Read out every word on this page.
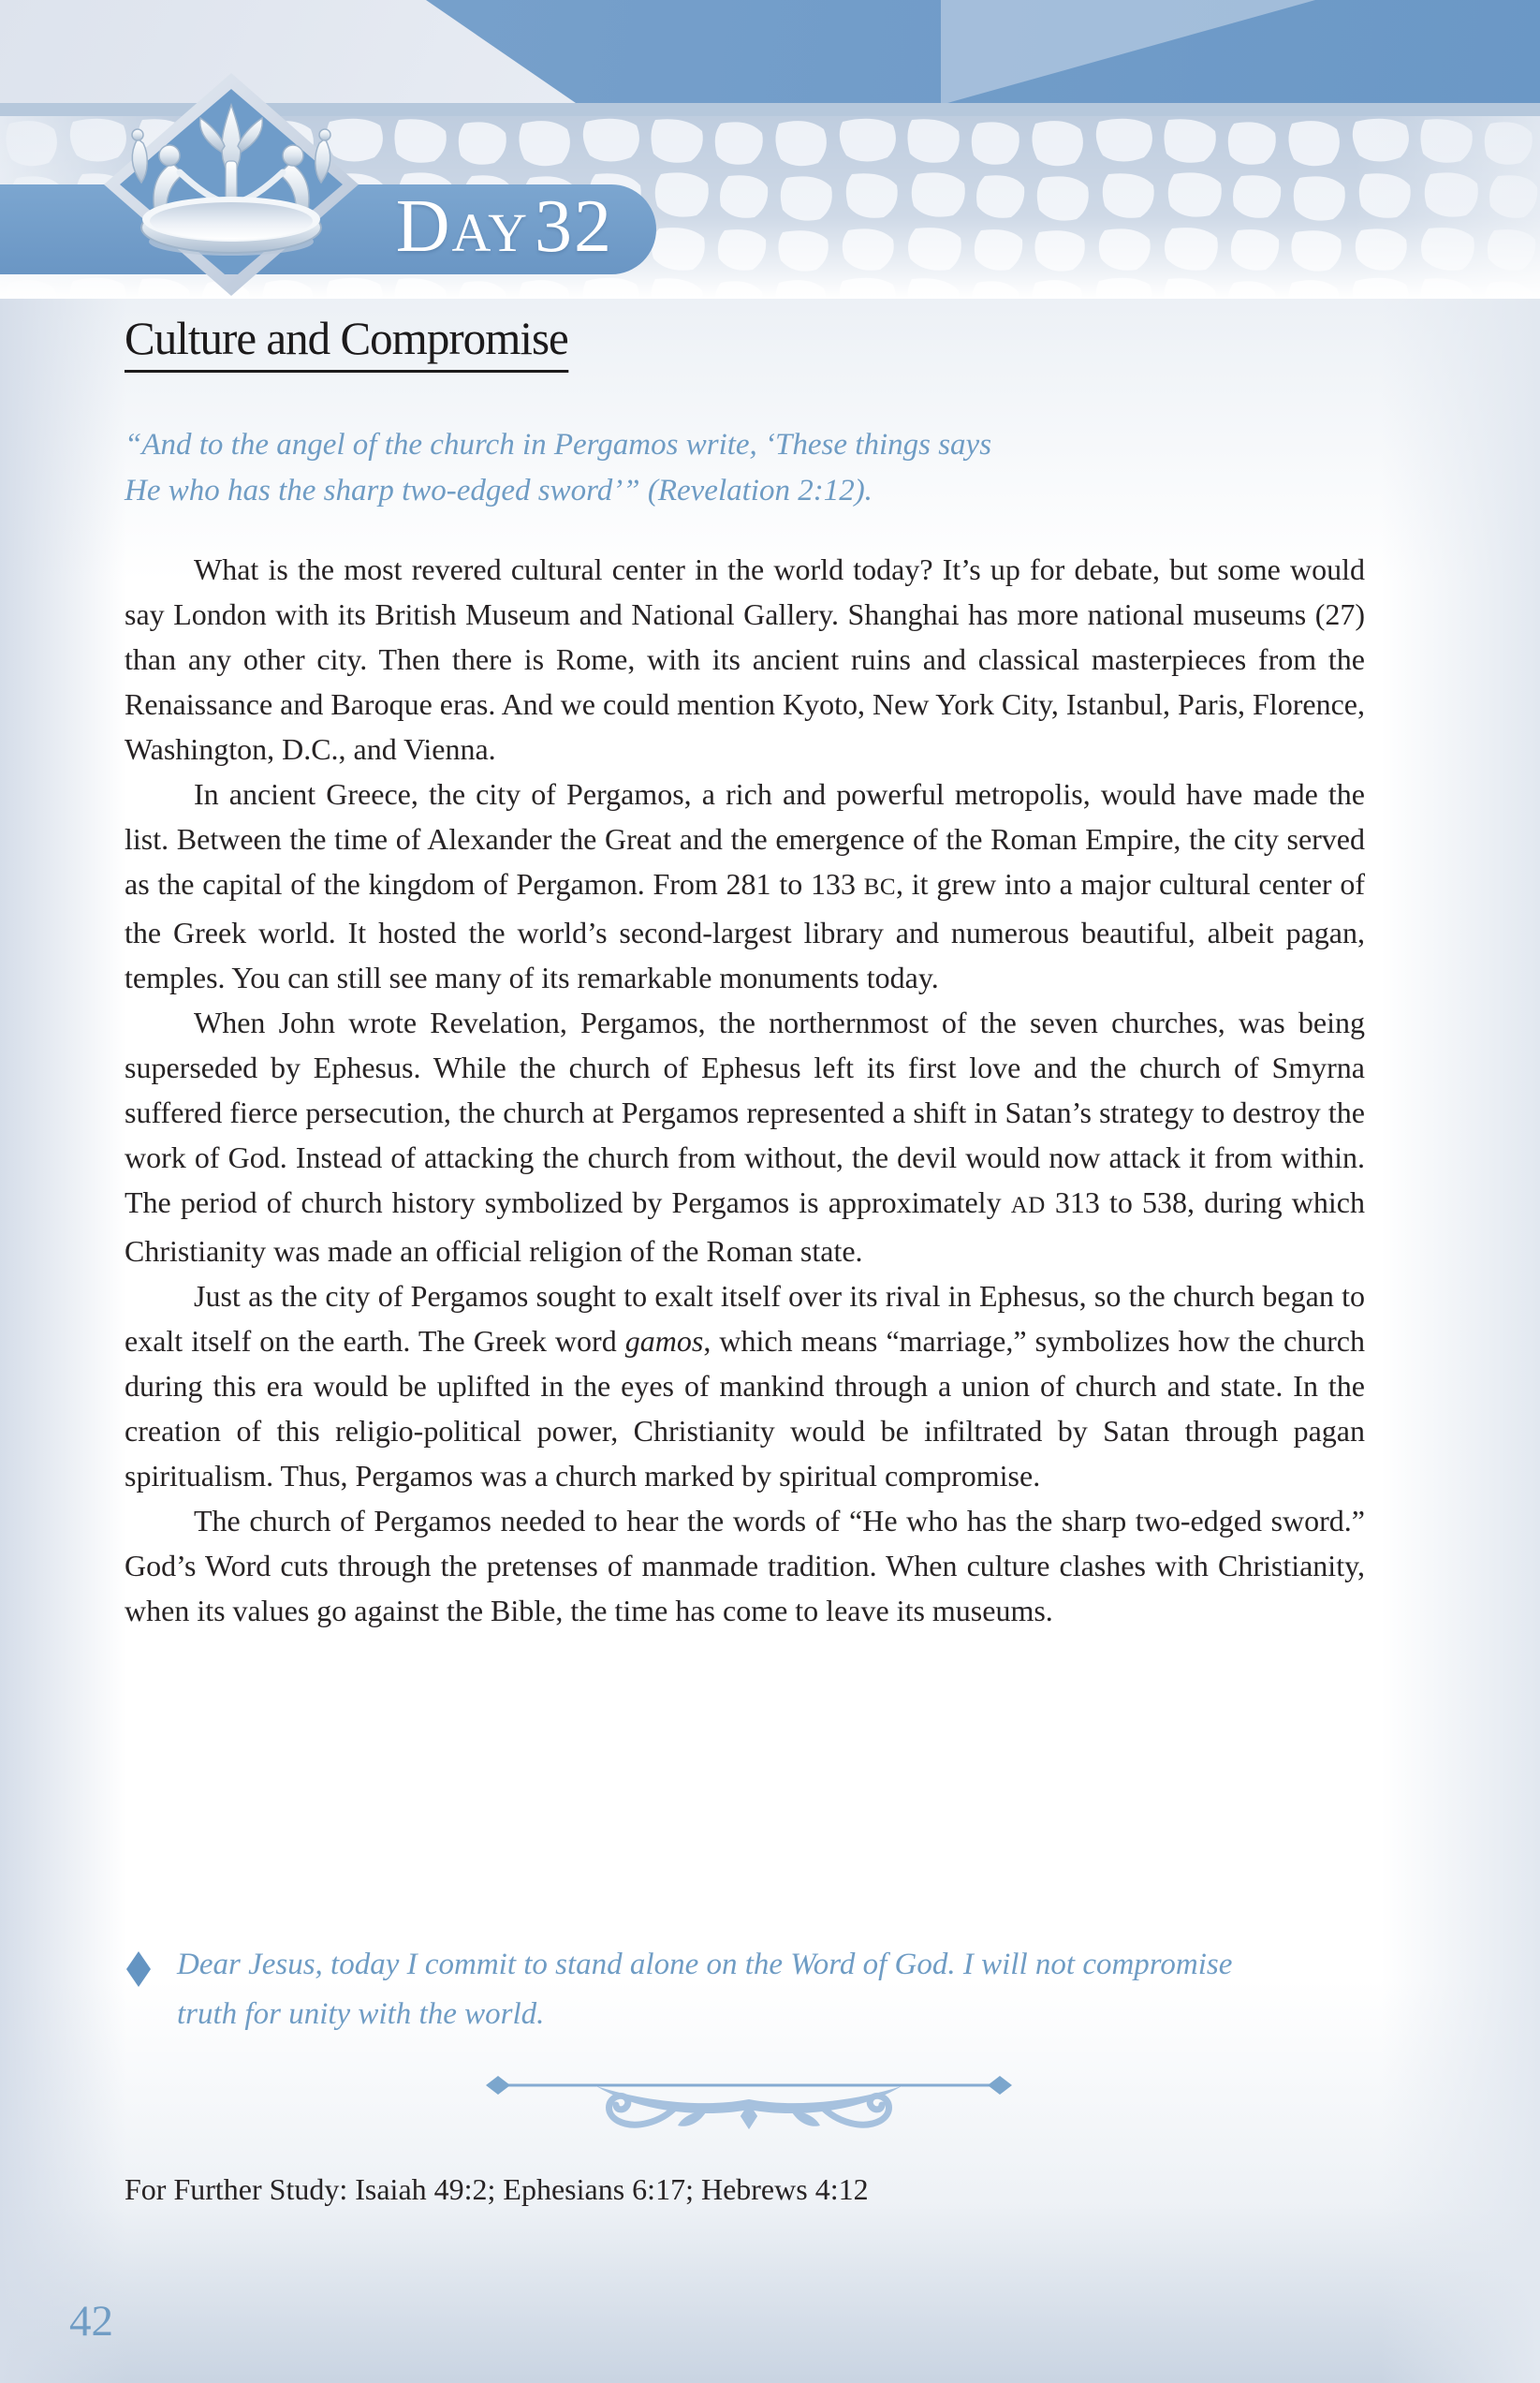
DAY 32
Culture and Compromise
“And to the angel of the church in Pergamos write, ‘These things says He who has the sharp two-edged sword’” (Revelation 2:12).

What is the most revered cultural center in the world today? It’s up for debate, but some would say London with its British Museum and National Gallery. Shanghai has more national museums (27) than any other city. Then there is Rome, with its ancient ruins and classical masterpieces from the Renaissance and Baroque eras. And we could mention Kyoto, New York City, Istanbul, Paris, Florence, Washington, D.C., and Vienna.

In ancient Greece, the city of Pergamos, a rich and powerful metropolis, would have made the list. Between the time of Alexander the Great and the emergence of the Roman Empire, the city served as the capital of the kingdom of Pergamon. From 281 to 133 BC, it grew into a major cultural center of the Greek world. It hosted the world’s second-largest library and numerous beautiful, albeit pagan, temples. You can still see many of its remarkable monuments today.

When John wrote Revelation, Pergamos, the northernmost of the seven churches, was being superseded by Ephesus. While the church of Ephesus left its first love and the church of Smyrna suffered fierce persecution, the church at Pergamos represented a shift in Satan’s strategy to destroy the work of God. Instead of attacking the church from without, the devil would now attack it from within. The period of church history symbolized by Pergamos is approximately AD 313 to 538, during which Christianity was made an official religion of the Roman state.

Just as the city of Pergamos sought to exalt itself over its rival in Ephesus, so the church began to exalt itself on the earth. The Greek word gamos, which means “marriage,” symbolizes how the church during this era would be uplifted in the eyes of mankind through a union of church and state. In the creation of this religio-political power, Christianity would be infiltrated by Satan through pagan spiritualism. Thus, Pergamos was a church marked by spiritual compromise.

The church of Pergamos needed to hear the words of “He who has the sharp two-edged sword.” God’s Word cuts through the pretenses of manmade tradition. When culture clashes with Christianity, when its values go against the Bible, the time has come to leave its museums.

Dear Jesus, today I commit to stand alone on the Word of God. I will not compromise truth for unity with the world.
For Further Study: Isaiah 49:2; Ephesians 6:17; Hebrews 4:12
42
